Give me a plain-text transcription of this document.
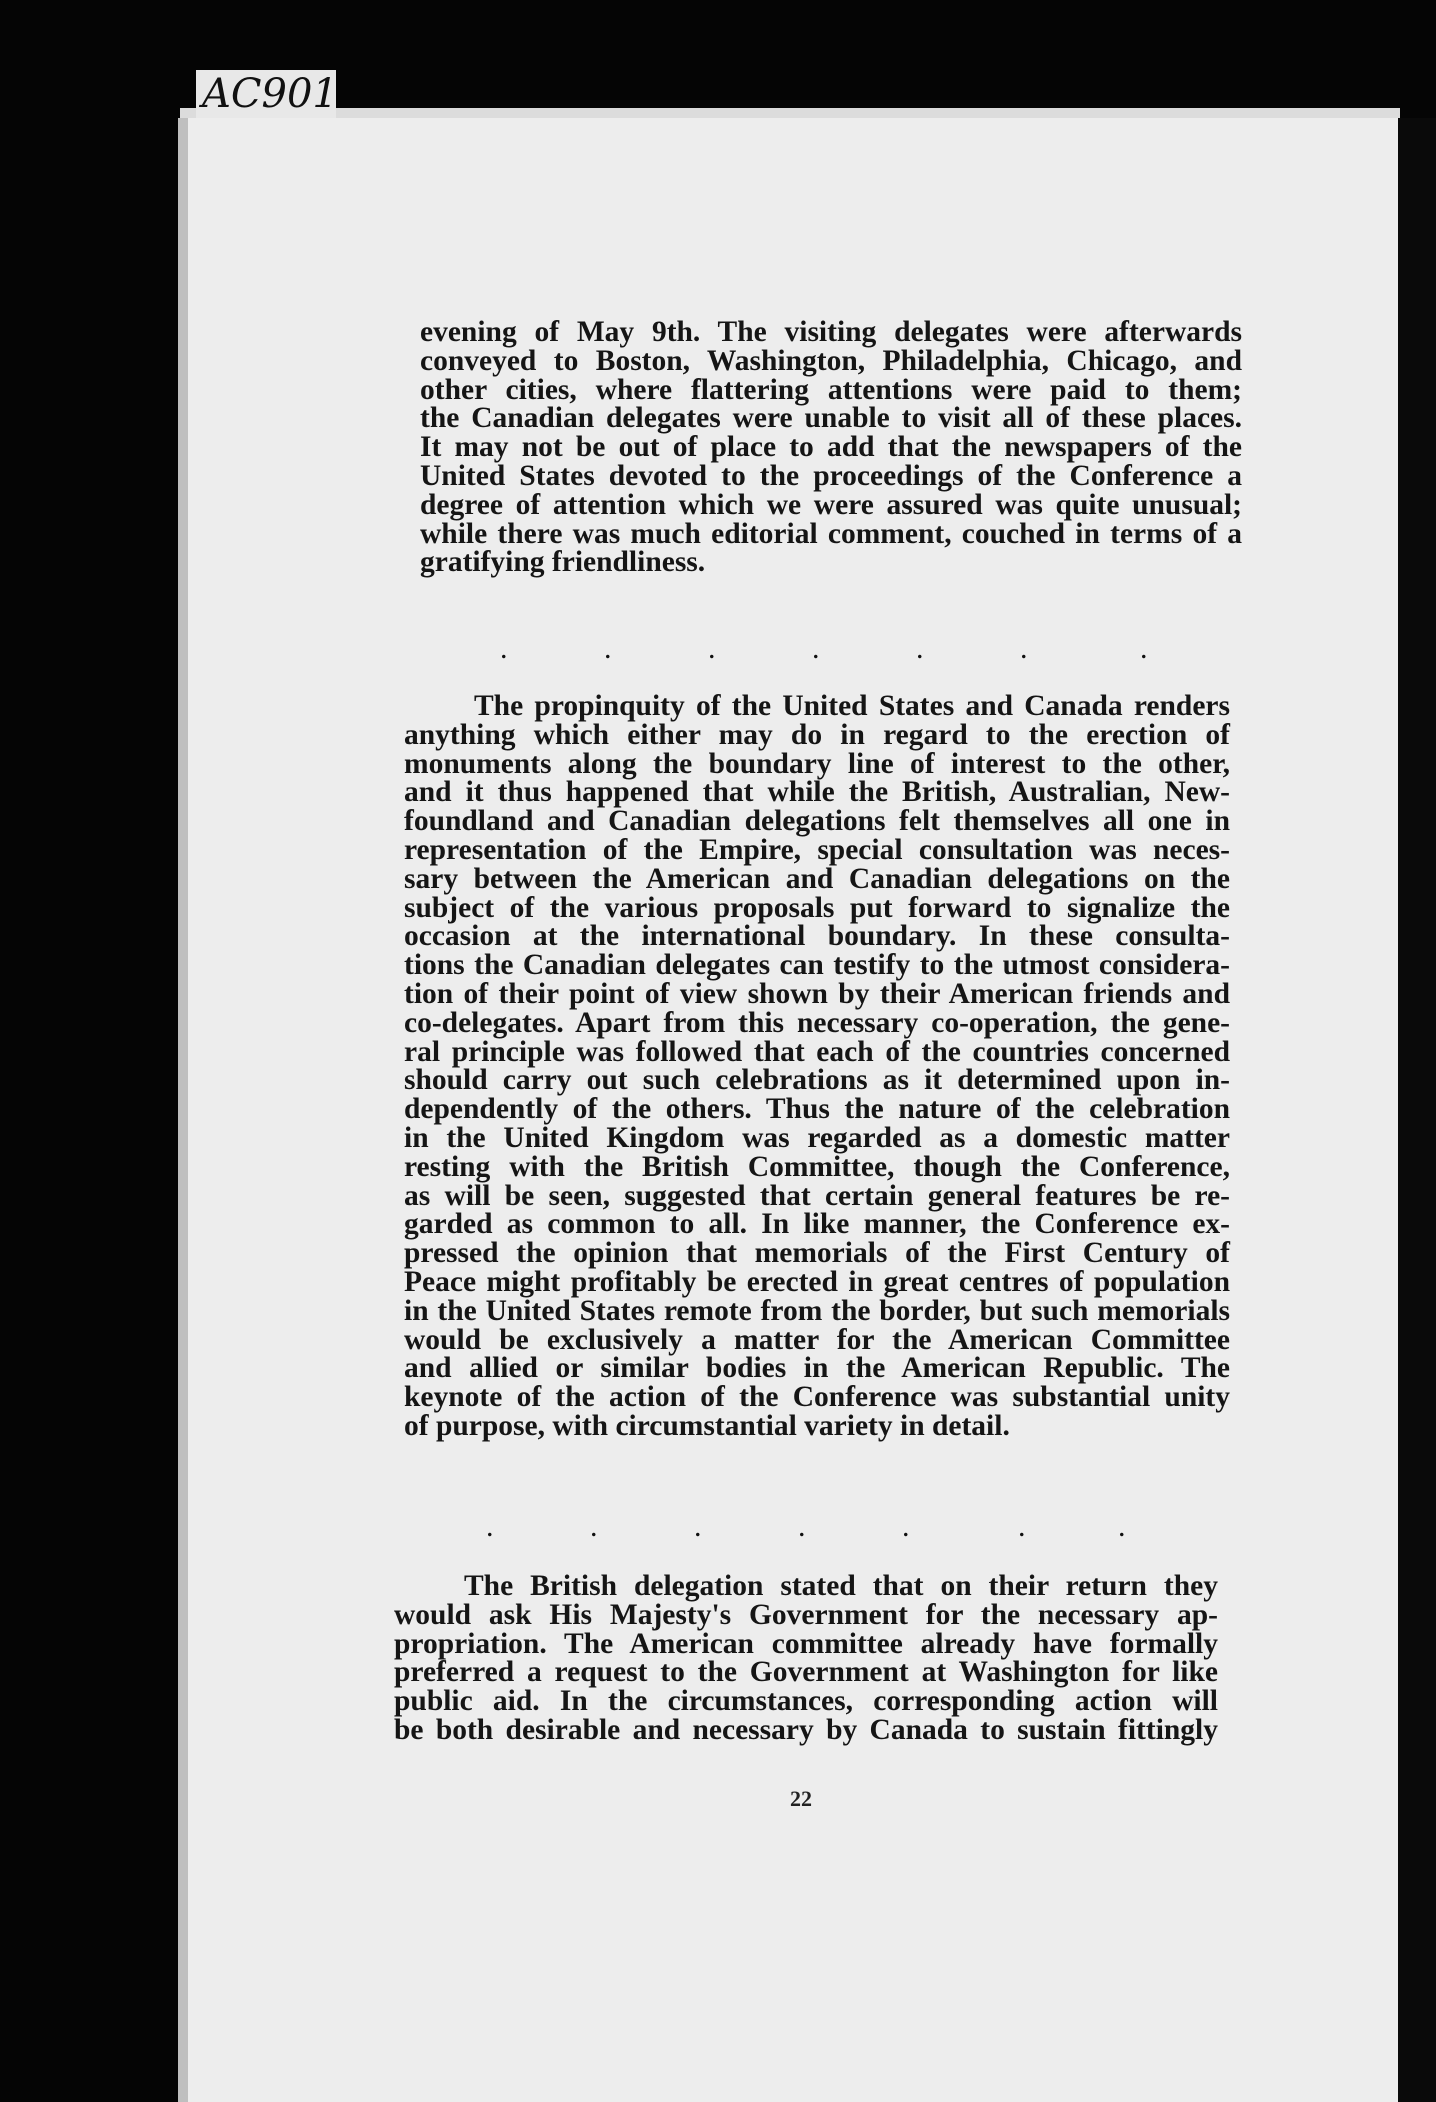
AC901
evening of May 9th. The visiting delegates were afterwards
conveyed to Boston, Washington, Philadelphia, Chicago, and
other cities, where flattering attentions were paid to them;
the Canadian delegates were unable to visit all of these places.
It may not be out of place to add that the newspapers of the
United States devoted to the proceedings of the Conference a
degree of attention which we were assured was quite unusual;
while there was much editorial comment, couched in terms of a
gratifying friendliness.
.	.	.	.	.	.	.
The propinquity of the United States and Canada renders
anything which either may do in regard to the erection of
monuments along the boundary line of interest to the other,
and it thus happened that while the British, Australian, New-
foundland and Canadian delegations felt themselves all one in
representation of the Empire, special consultation was neces-
sary between the American and Canadian delegations on the
subject of the various proposals put forward to signalize the
occasion at the international boundary. In these consulta-
tions the Canadian delegates can testify to the utmost considera-
tion of their point of view shown by their American friends and
co-delegates. Apart from this necessary co-operation, the gene-
ral principle was followed that each of the countries concerned
should carry out such celebrations as it determined upon in-
dependently of the others. Thus the nature of the celebration
in the United Kingdom was regarded as a domestic matter
resting with the British Committee, though the Conference,
as will be seen, suggested that certain general features be re-
garded as common to all. In like manner, the Conference ex-
pressed the opinion that memorials of the First Century of
Peace might profitably be erected in great centres of population
in the United States remote from the border, but such memorials
would be exclusively a matter for the American Committee
and allied or similar bodies in the American Republic. The
keynote of the action of the Conference was substantial unity
of purpose, with circumstantial variety in detail.
.	.	.	.	.	.	.
The British delegation stated that on their return they
would ask His Majesty's Government for the necessary ap-
propriation. The American committee already have formally
preferred a request to the Government at Washington for like
public aid. In the circumstances, corresponding action will
be both desirable and necessary by Canada to sustain fittingly
22
